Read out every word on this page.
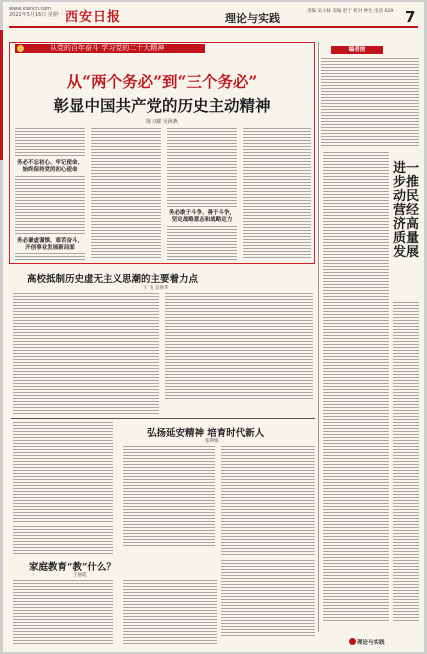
www.xiancn.com
2022年5月16日 星期一 西安日报	理论与实践
责编 吴小妹 美编 赵宁 校对 钟生 电话 029- 7
从党的百年奋斗 学习党的二十大精神
从“两个务必”到“三个务必”
彰显中国共产党的历史主动精神
陈习耀 吴海燕
务必不忘初心、牢记使命，始终保持党的初心使命
务必谦虚谨慎、艰苦奋斗，开创事业发展新局面
务必敢于斗争、善于斗争，坚定战略意志和战略定力
编者按
进一步推动民营经济高质量发展
高校抵制历史虚无主义思潮的主要着力点
王 飞 吴春华
弘扬延安精神 培育时代新人
张利娟
家庭教育“教”什么？
王丽霞
理论与实践
